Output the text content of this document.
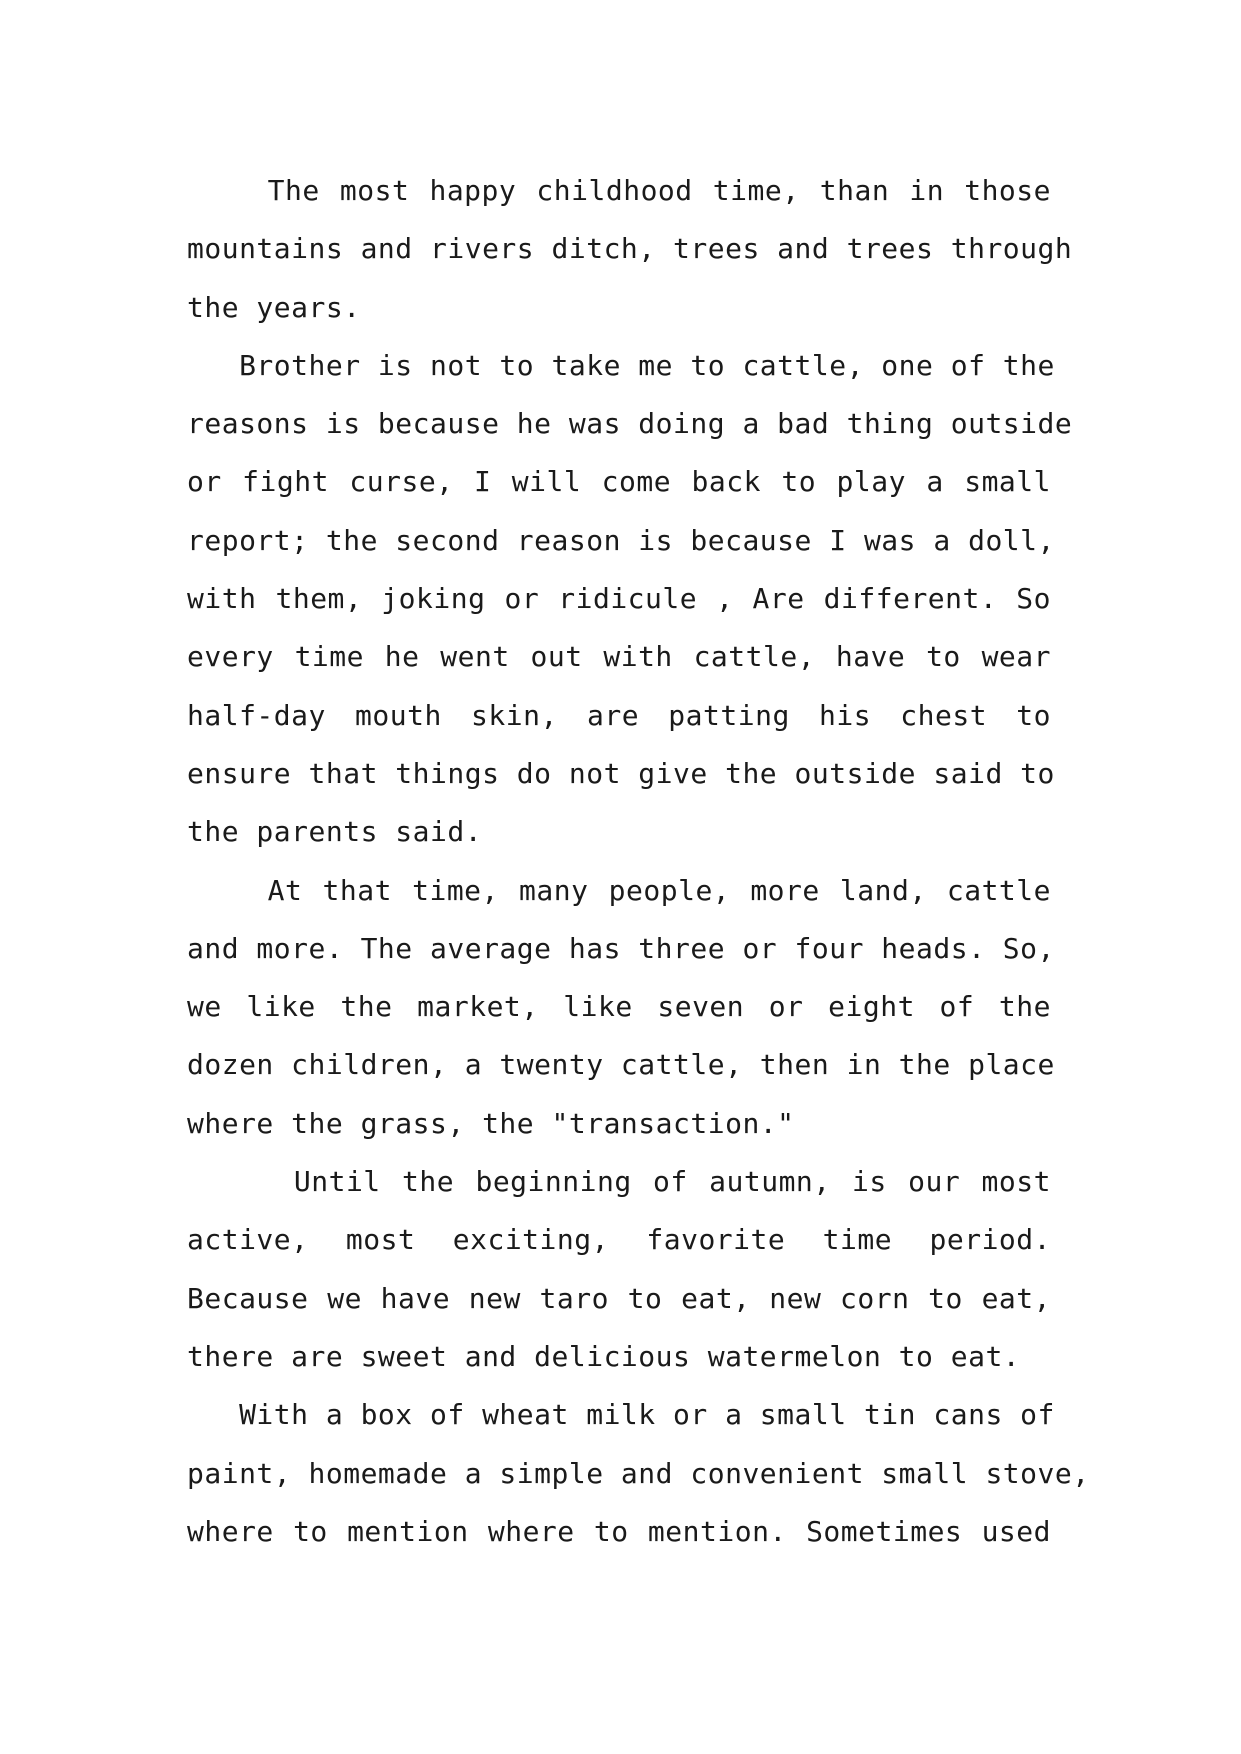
The most happy childhood time, than in those
mountains and rivers ditch, trees and trees through
the years.
Brother is not to take me to cattle, one of the
reasons is because he was doing a bad thing outside
or fight curse, I will come back to play a small
report; the second reason is because I was a doll,
with them, joking or ridicule , Are different. So
every time he went out with cattle, have to wear
half-day mouth skin, are patting his chest to
ensure that things do not give the outside said to
the parents said.
At that time, many people, more land, cattle
and more. The average has three or four heads. So,
we like the market, like seven or eight of the
dozen children, a twenty cattle, then in the place
where the grass, the "transaction."
Until the beginning of autumn, is our most
active, most exciting, favorite time period.
Because we have new taro to eat, new corn to eat,
there are sweet and delicious watermelon to eat.
With a box of wheat milk or a small tin cans of
paint, homemade a simple and convenient small stove,
where to mention where to mention. Sometimes used
